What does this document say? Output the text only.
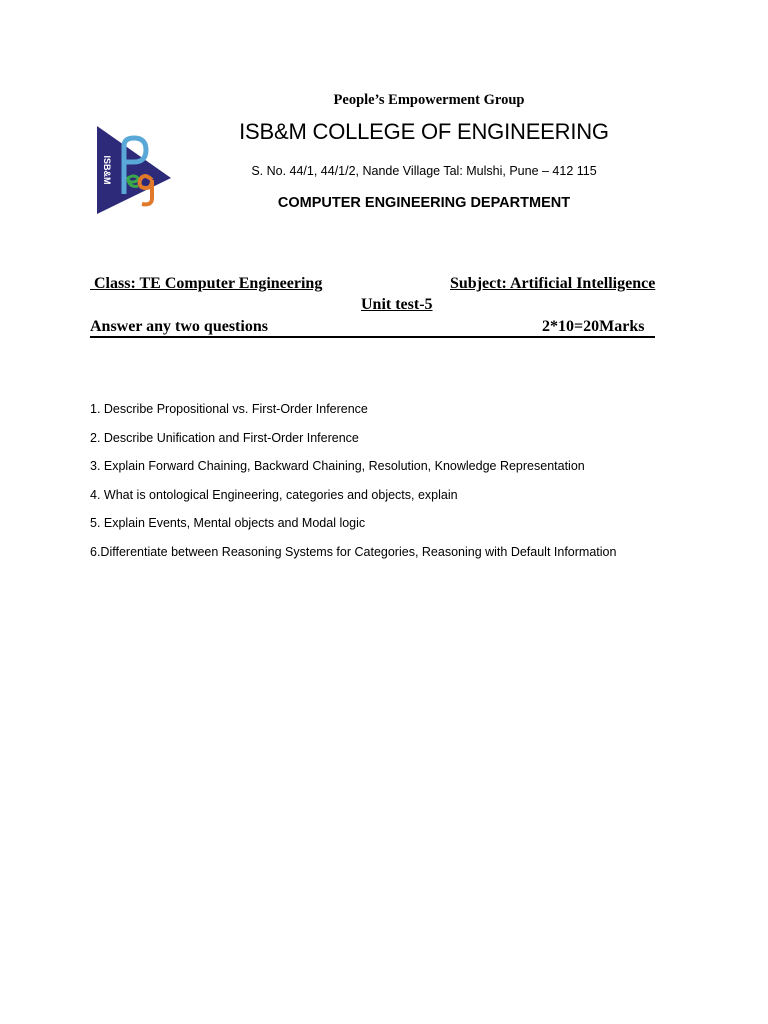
ISB&M
People’s Empowerment Group
ISB&M COLLEGE OF ENGINEERING
S. No. 44/1, 44/1/2, Nande Village Tal: Mulshi, Pune – 412 115
COMPUTER ENGINEERING DEPARTMENT
Class: TE Computer Engineering	Subject: Artificial Intelligence
Unit test-5
Answer any two questions	2*10=20Marks
1. Describe Propositional vs. First-Order Inference
2. Describe Unification and First-Order Inference
3. Explain Forward Chaining, Backward Chaining, Resolution, Knowledge Representation
4. What is ontological Engineering, categories and objects, explain
5. Explain Events, Mental objects and Modal logic
6.Differentiate between Reasoning Systems for Categories, Reasoning with Default Information
